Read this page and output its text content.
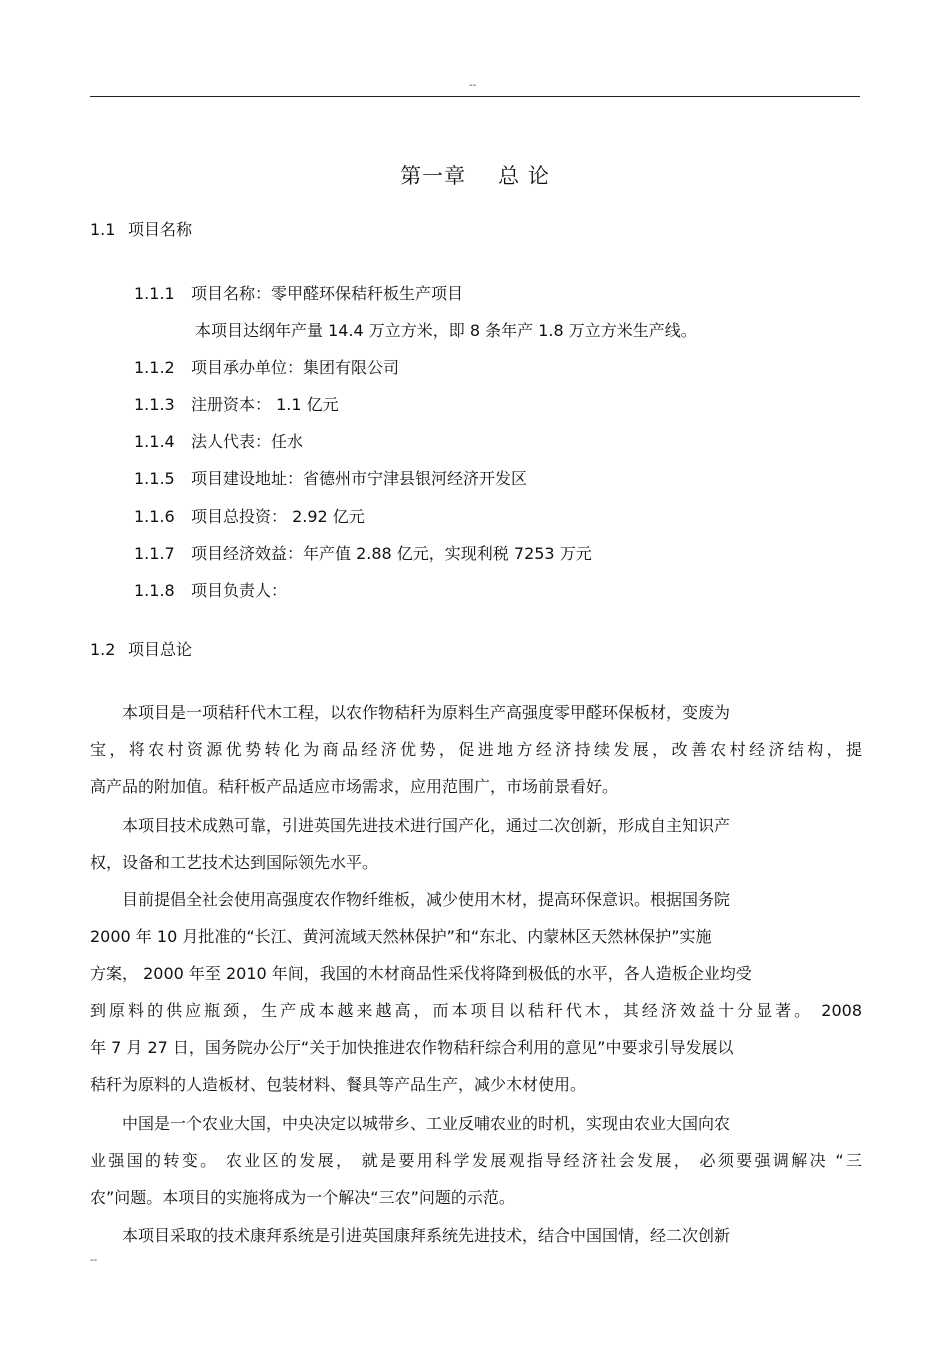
--
第一章 总 论
1.1 项目名称
1.1.1 项目名称：零甲醛环保秸秆板生产项目
本项目达纲年产量 14.4 万立方米，即 8 条年产 1.8 万立方米生产线。
1.1.2 项目承办单位：集团有限公司
1.1.3 注册资本： 1.1 亿元
1.1.4 法人代表：任水
1.1.5 项目建设地址：省德州市宁津县银河经济开发区
1.1.6 项目总投资： 2.92 亿元
1.1.7 项目经济效益：年产值 2.88 亿元，实现利税 7253 万元
1.1.8 项目负责人：
1.2 项目总论
　　本项目是一项秸秆代木工程，以农作物秸秆为原料生产高强度零甲醛环保板材，变废为
宝，将农村资源优势转化为商品经济优势，促进地方经济持续发展，改善农村经济结构，提
高产品的附加值。秸秆板产品适应市场需求，应用范围广，市场前景看好。
　　本项目技术成熟可靠，引进英国先进技术进行国产化，通过二次创新，形成自主知识产
权，设备和工艺技术达到国际领先水平。
　　目前提倡全社会使用高强度农作物纤维板，减少使用木材，提高环保意识。根据国务院
2000 年 10 月批准的“长江、黄河流域天然林保护”和“东北、内蒙林区天然林保护”实施
方案， 2000 年至 2010 年间，我国的木材商品性采伐将降到极低的水平，各人造板企业均受
到原料的供应瓶颈，生产成本越来越高，而本项目以秸秆代木，其经济效益十分显著。 2008
年 7 月 27 日，国务院办公厅“关于加快推进农作物秸秆综合利用的意见”中要求引导发展以
秸秆为原料的人造板材、包装材料、餐具等产品生产，减少木材使用。
　　中国是一个农业大国，中央决定以城带乡、工业反哺农业的时机，实现由农业大国向农
业强国的转变。 农业区的发展， 就是要用科学发展观指导经济社会发展， 必须要强调解决 “三
农”问题。本项目的实施将成为一个解决“三农”问题的示范。
　　本项目采取的技术康拜系统是引进英国康拜系统先进技术，结合中国国情，经二次创新
--
